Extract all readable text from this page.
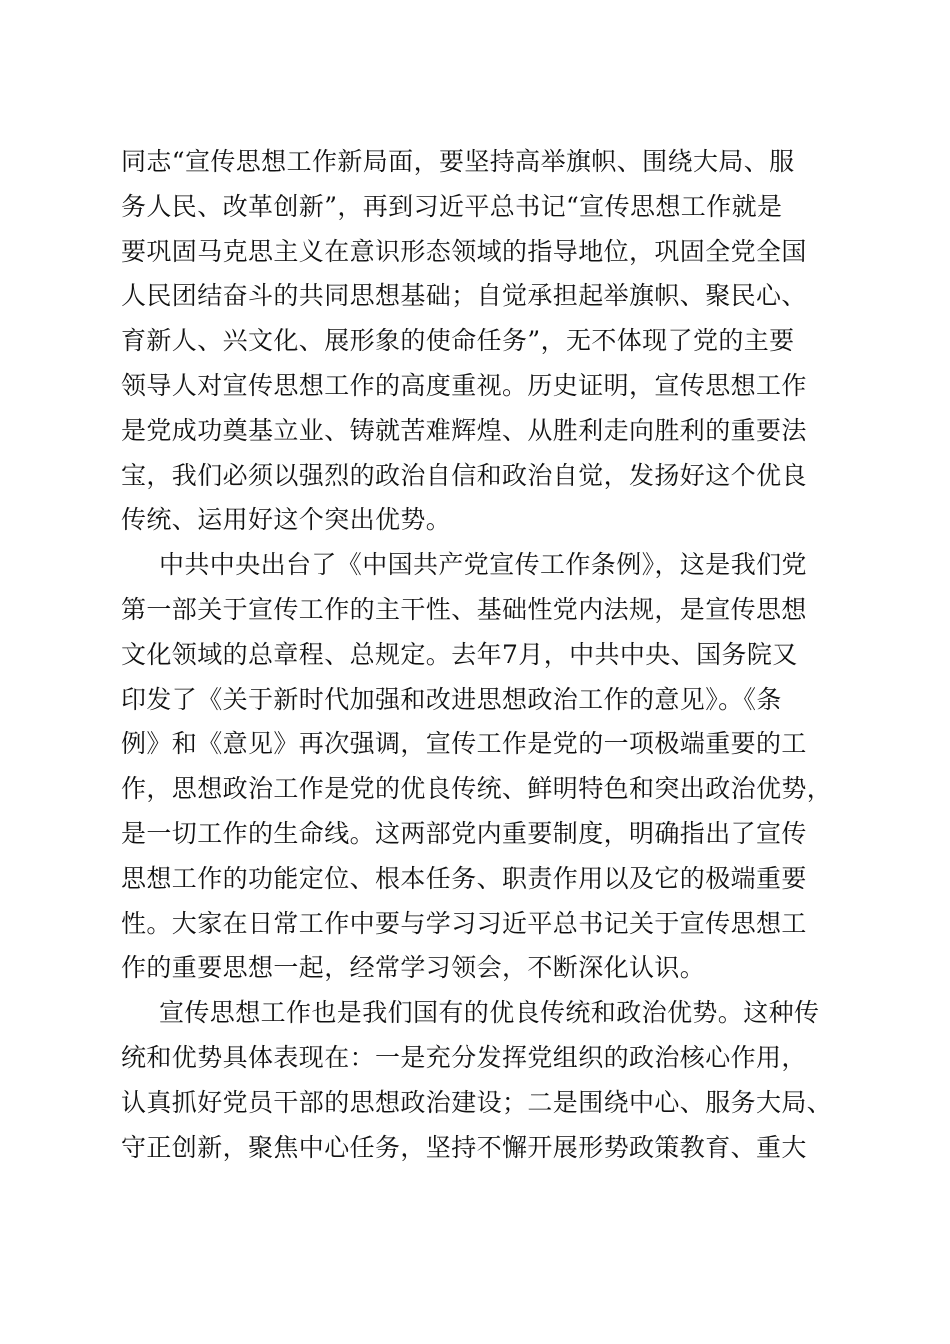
同志“宣传思想工作新局面，要坚持高举旗帜、围绕大局、服
务人民、改革创新”，再到习近平总书记“宣传思想工作就是
要巩固马克思主义在意识形态领域的指导地位，巩固全党全国
人民团结奋斗的共同思想基础；自觉承担起举旗帜、聚民心、
育新人、兴文化、展形象的使命任务”，无不体现了党的主要
领导人对宣传思想工作的高度重视。历史证明，宣传思想工作
是党成功奠基立业、铸就苦难辉煌、从胜利走向胜利的重要法
宝，我们必须以强烈的政治自信和政治自觉，发扬好这个优良
传统、运用好这个突出优势。
中共中央出台了《中国共产党宣传工作条例》，这是我们党
第一部关于宣传工作的主干性、基础性党内法规，是宣传思想
文化领域的总章程、总规定。去年7月，中共中央、国务院又
印发了《关于新时代加强和改进思想政治工作的意见》。《条
例》和《意见》再次强调，宣传工作是党的一项极端重要的工
作，思想政治工作是党的优良传统、鲜明特色和突出政治优势，
是一切工作的生命线。这两部党内重要制度，明确指出了宣传
思想工作的功能定位、根本任务、职责作用以及它的极端重要
性。大家在日常工作中要与学习习近平总书记关于宣传思想工
作的重要思想一起，经常学习领会，不断深化认识。
宣传思想工作也是我们国有的优良传统和政治优势。这种传
统和优势具体表现在：一是充分发挥党组织的政治核心作用，
认真抓好党员干部的思想政治建设；二是围绕中心、服务大局、
守正创新，聚焦中心任务，坚持不懈开展形势政策教育、重大
